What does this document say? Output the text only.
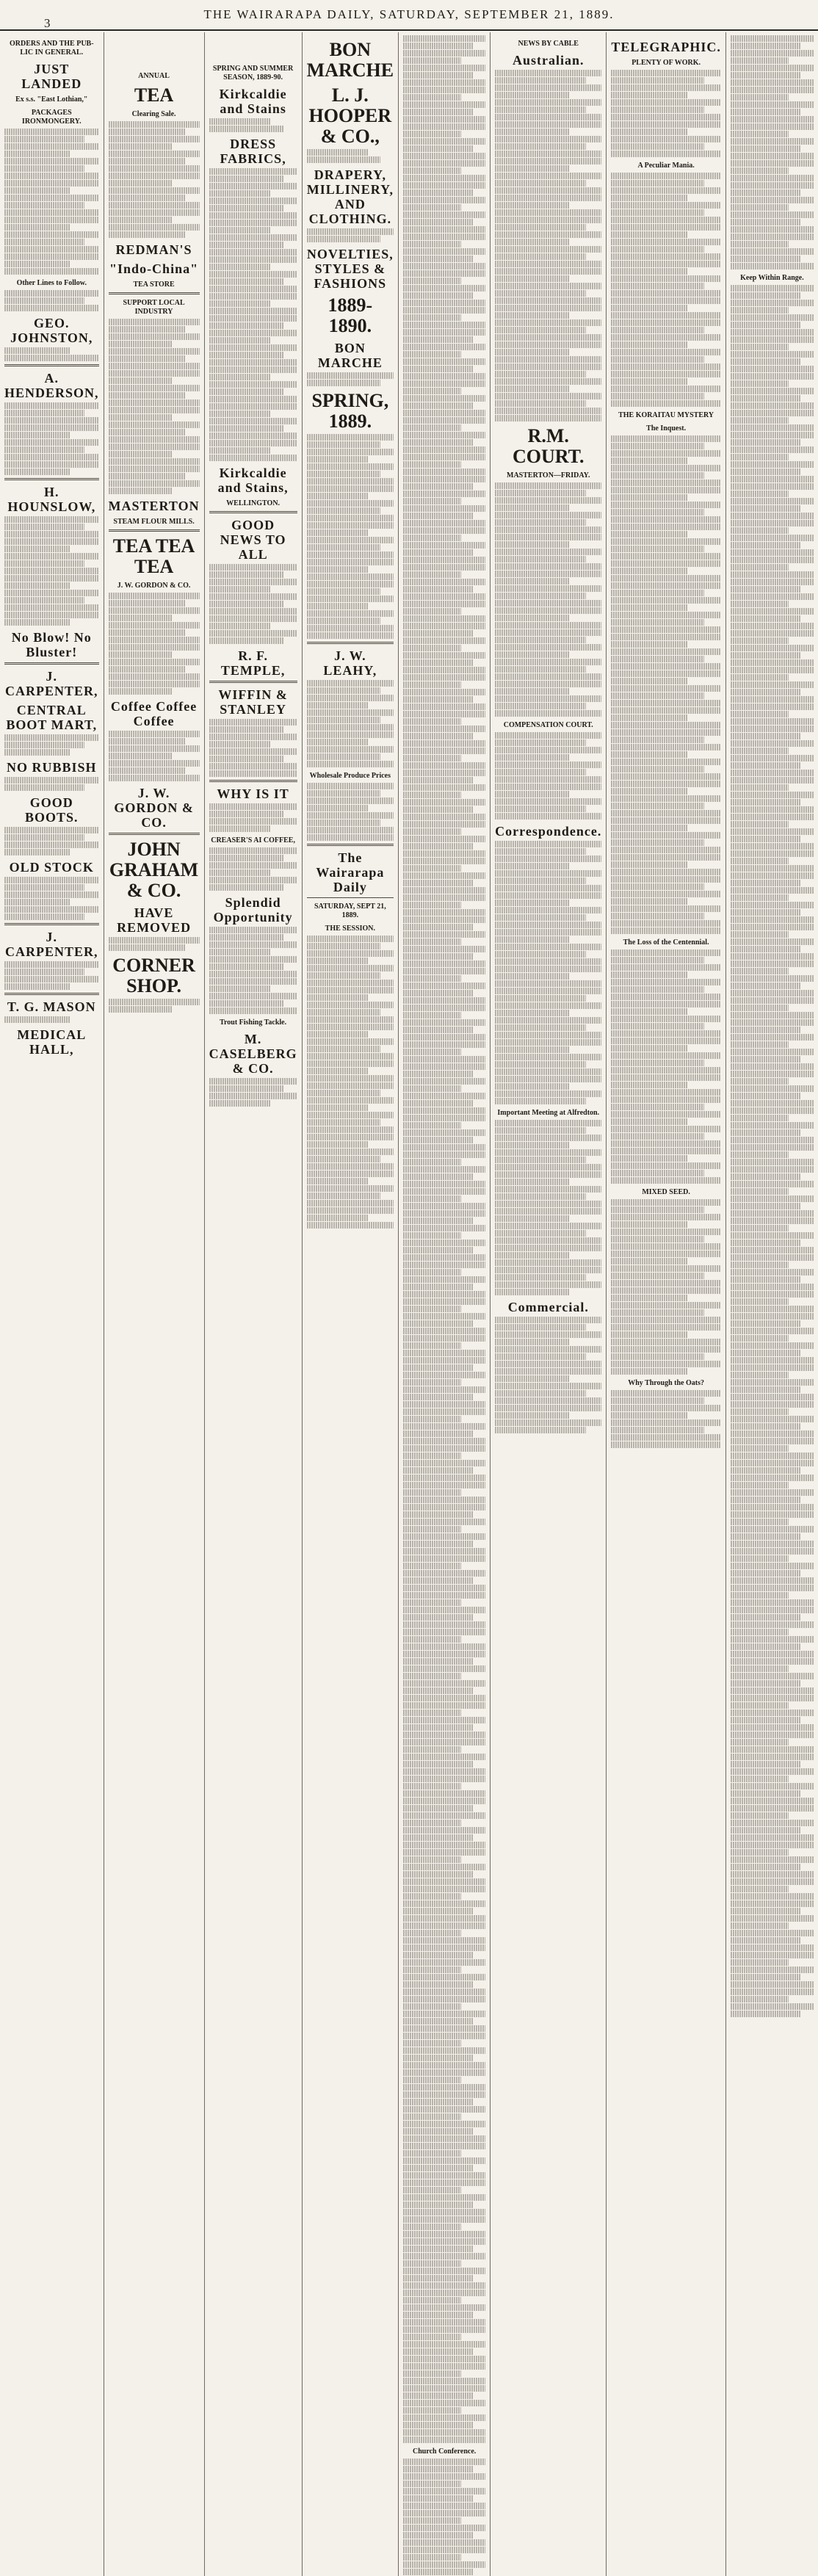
3
THE WAIRARAPA DAILY, SATURDAY, SEPTEMBER 21, 1889.
ORDERS AND THE PUB-LIC IN GENERAL.
JUST LANDED
Ex s.s. "East Lothian,"
PACKAGES IRONMONGERY.
Other Lines to Follow.
GEO. JOHNSTON,
A. HENDERSON,
H. HOUNSLOW,
No Blow! No Bluster!
J. CARPENTER,
CENTRAL BOOT MART,
NO RUBBISH
GOOD BOOTS.
OLD STOCK
J. CARPENTER,
T. G. MASON
MEDICAL HALL,
ANNUAL
TEA
Clearing Sale.
REDMAN'S
"Indo-China"
TEA STORE
SUPPORT LOCAL INDUSTRY
MASTERTON
STEAM FLOUR MILLS.
TEA TEA TEA
J. W. GORDON & CO.
Coffee Coffee Coffee
J. W. GORDON & CO.
JOHN GRAHAM & CO.
HAVE REMOVED
CORNER SHOP.
SPRING AND SUMMER SEASON, 1889-90.
Kirkcaldie and Stains
DRESS FABRICS,
Kirkcaldie and Stains,
WELLINGTON.
GOOD NEWS TO ALL
R. F. TEMPLE,
WIFFIN & STANLEY
WHY IS IT
CREASER'S AI COFFEE,
Splendid Opportunity
Trout Fishing Tackle.
M. CASELBERG & CO.
BON MARCHE
L. J. HOOPER & CO.,
DRAPERY, MILLINERY, AND CLOTHING.
NOVELTIES, STYLES & FASHIONS
1889-1890.
BON MARCHE
SPRING, 1889.
J. W. LEAHY,
Wholesale Produce Prices
The Wairarapa Daily
SATURDAY, SEPT 21, 1889.
THE SESSION.
Church Conference.
NEWS BY CABLE
Australian.
R.M. COURT.
MASTERTON—FRIDAY.
COMPENSATION COURT.
Correspondence.
Important Meeting at Alfredton.
Commercial.
TELEGRAPHIC.
PLENTY OF WORK.
A Peculiar Mania.
THE KORAITAU MYSTERY
The Inquest.
The Loss of the Centennial.
MIXED SEED.
Why Through the Oats?
Keep Within Range.
